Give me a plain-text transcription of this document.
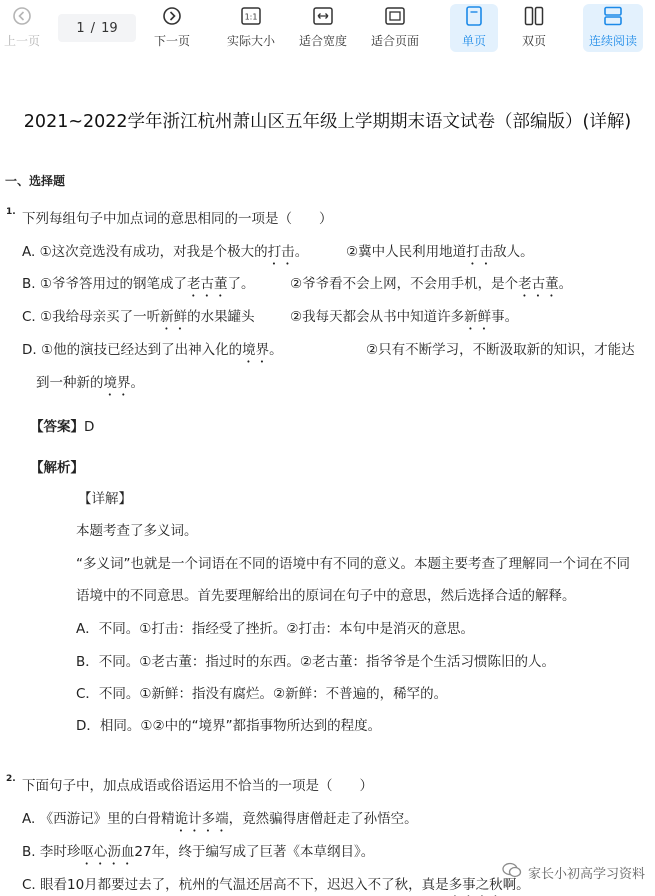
上一页
1 / 19
下一页
1:1
实际大小 适合宽度 适合页面	单页	双页	连续阅读
2021~2022学年浙江杭州萧山区五年级上学期期末语文试卷（部编版）(详解)
一、选择题
1. 下列每组句子中加点词的意思相同的一项是（　　）
A. ①这次竞选没有成功，对我是个极大的打击。	②冀中人民利用地道打击敌人。
B. ①爷爷答用过的钢笔成了老古董了。	②爷爷看不会上网，不会用手机，是个老古董。
C. ①我给母亲买了一听新鲜的水果罐头	②我每天都会从书中知道许多新鲜事。
D. ①他的演技已经达到了出神入化的境界。	②只有不断学习，不断汲取新的知识，才能达
到一种新的境界。
【答案】D
【解析】
【详解】
本题考查了多义词。
“多义词”也就是一个词语在不同的语境中有不同的意义。本题主要考查了理解同一个词在不同
语境中的不同意思。首先要理解给出的原词在句子中的意思，然后选择合适的解释。
A．不同。①打击：指经受了挫折。②打击：本句中是消灭的意思。
B．不同。①老古董：指过时的东西。②老古董：指爷爷是个生活习惯陈旧的人。
C．不同。①新鲜：指没有腐烂。②新鲜：不普遍的，稀罕的。
D．相同。①②中的“境界”都指事物所达到的程度。
2. 下面句子中，加点成语或俗语运用不恰当的一项是（　　）
A. 《西游记》里的白骨精诡计多端，竟然骗得唐僧赶走了孙悟空。
B. 李时珍呕心沥血27年，终于编写成了巨著《本草纲目》。
C. 眼看10月都要过去了，杭州的气温还居高不下，迟迟入不了秋，真是多事之秋啊。
家长小初高学习资料
